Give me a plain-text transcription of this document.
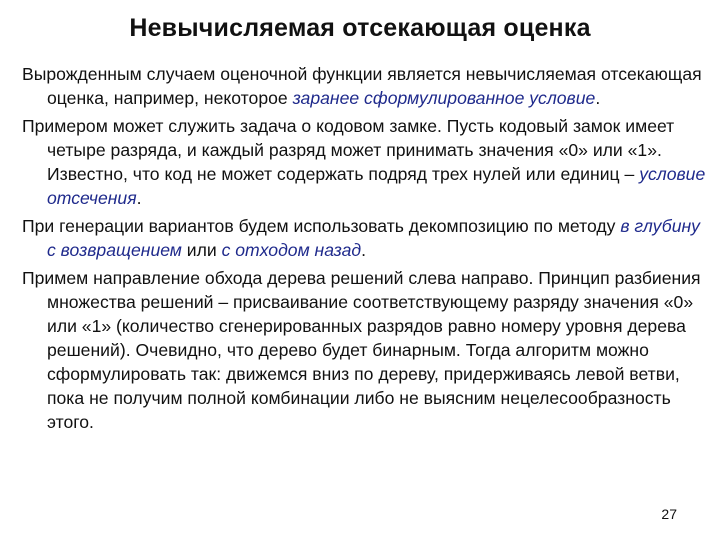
Невычисляемая отсекающая оценка

Вырожденным случаем оценочной функции является невычисляемая отсекающая оценка, например, некоторое заранее сформулированное условие.

Примером может служить задача о кодовом замке. Пусть кодовый замок имеет четыре разряда, и каждый разряд может принимать значения «0» или «1». Известно, что код не может содержать подряд трех нулей или единиц – условие отсечения.

При генерации вариантов будем использовать декомпозицию по методу в глубину с возвращением или с отходом назад.

Примем направление обхода дерева решений слева направо. Принцип разбиения множества решений – присваивание соответствующему разряду значения «0» или «1» (количество сгенерированных разрядов равно номеру уровня дерева решений). Очевидно, что дерево будет бинарным. Тогда алгоритм можно сформулировать так: движемся вниз по дереву, придерживаясь левой ветви, пока не получим полной комбинации либо не выясним нецелесообразность этого.

27
